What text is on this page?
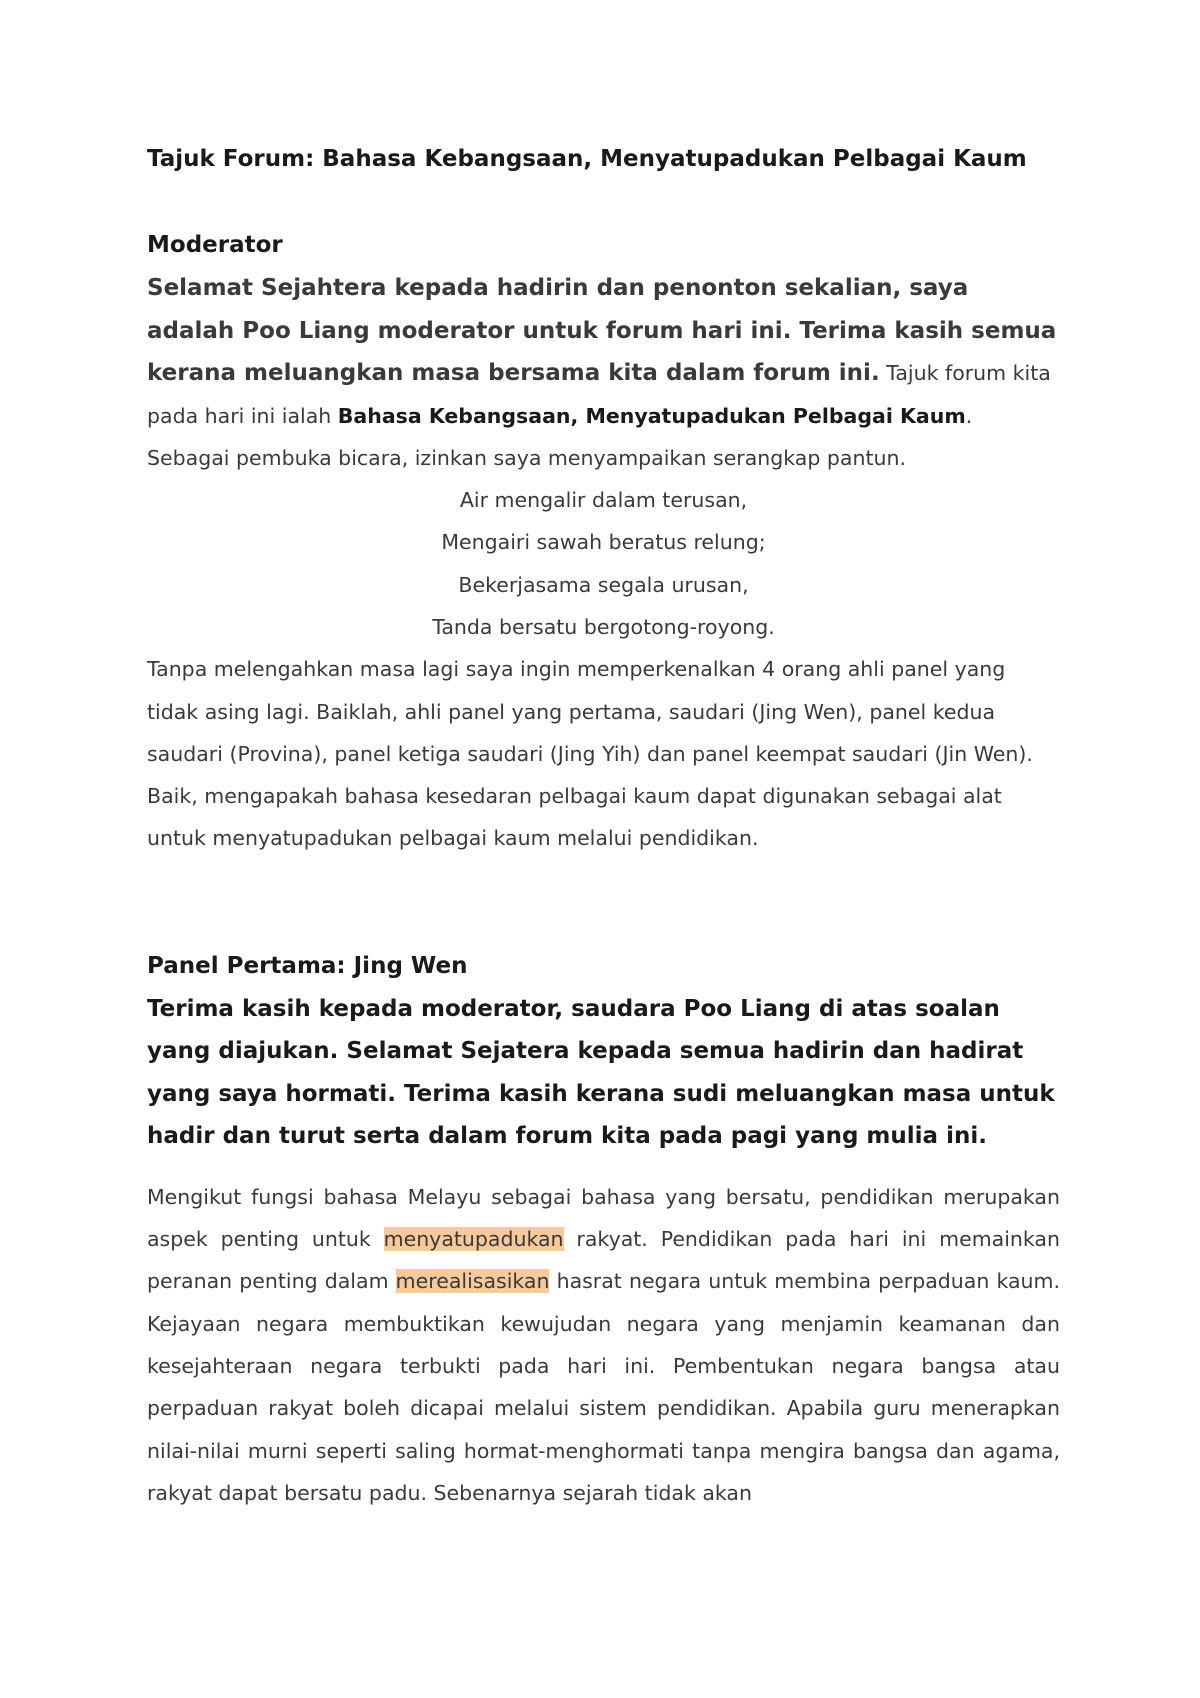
Tajuk Forum: Bahasa Kebangsaan, Menyatupadukan Pelbagai Kaum

Moderator

Selamat Sejahtera kepada hadirin dan penonton sekalian, saya adalah Poo Liang moderator untuk forum hari ini. Terima kasih semua kerana meluangkan masa bersama kita dalam forum ini. Tajuk forum kita pada hari ini ialah Bahasa Kebangsaan, Menyatupadukan Pelbagai Kaum. Sebagai pembuka bicara, izinkan saya menyampaikan serangkap pantun.
Air mengalir dalam terusan,
Mengairi sawah beratus relung;
Bekerjasama segala urusan,
Tanda bersatu bergotong-royong.
Tanpa melengahkan masa lagi saya ingin memperkenalkan 4 orang ahli panel yang tidak asing lagi. Baiklah, ahli panel yang pertama, saudari (Jing Wen), panel kedua saudari (Provina), panel ketiga saudari (Jing Yih) dan panel keempat saudari (Jin Wen). Baik, mengapakah bahasa kesedaran pelbagai kaum dapat digunakan sebagai alat untuk menyatupadukan pelbagai kaum melalui pendidikan.

Panel Pertama: Jing Wen

Terima kasih kepada moderator, saudara Poo Liang di atas soalan yang diajukan. Selamat Sejatera kepada semua hadirin dan hadirat yang saya hormati. Terima kasih kerana sudi meluangkan masa untuk hadir dan turut serta dalam forum kita pada pagi yang mulia ini.

Mengikut fungsi bahasa Melayu sebagai bahasa yang bersatu, pendidikan merupakan aspek penting untuk menyatupadukan rakyat. Pendidikan pada hari ini memainkan peranan penting dalam merealisasikan hasrat negara untuk membina perpaduan kaum. Kejayaan negara membuktikan kewujudan negara yang menjamin keamanan dan kesejahteraan negara terbukti pada hari ini. Pembentukan negara bangsa atau perpaduan rakyat boleh dicapai melalui sistem pendidikan. Apabila guru menerapkan nilai-nilai murni seperti saling hormat-menghormati tanpa mengira bangsa dan agama, rakyat dapat bersatu padu. Sebenarnya sejarah tidak akan
